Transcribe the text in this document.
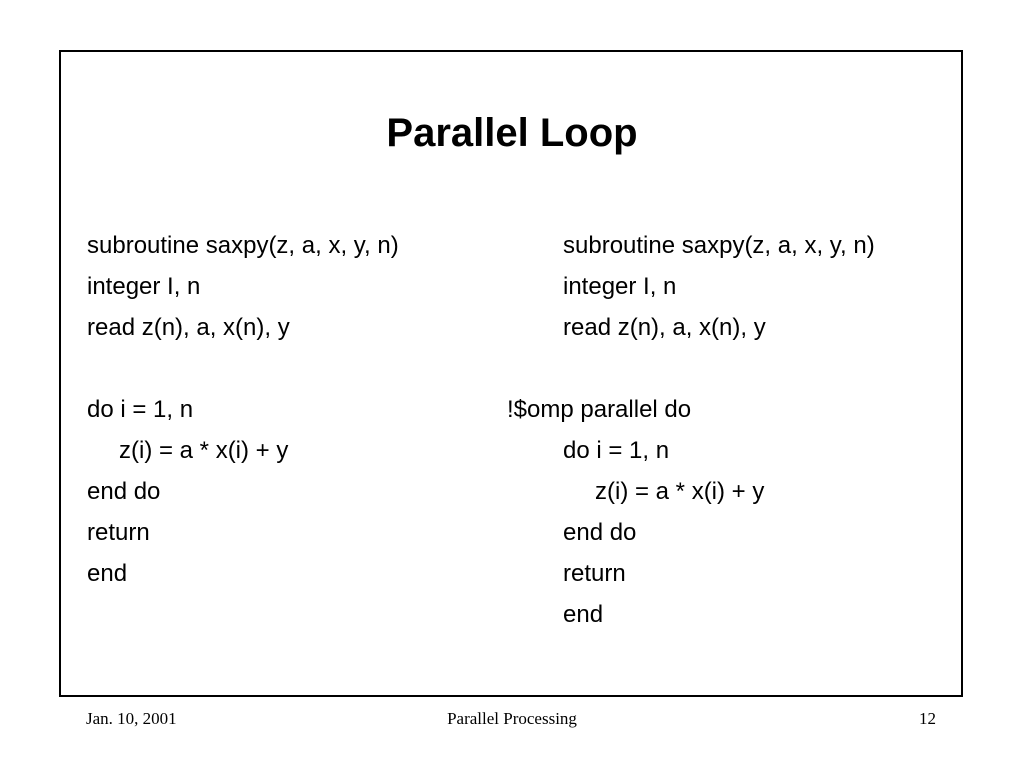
Parallel Loop
subroutine saxpy(z, a, x, y, n)
integer I, n
read z(n), a, x(n), y
do i = 1, n
z(i) = a * x(i) + y
end do
return
end
subroutine saxpy(z, a, x, y, n)
integer I, n
read z(n), a, x(n), y
!$omp parallel do
do i = 1, n
z(i) = a * x(i) + y
end do
return
end
Jan. 10, 2001	Parallel Processing	12
